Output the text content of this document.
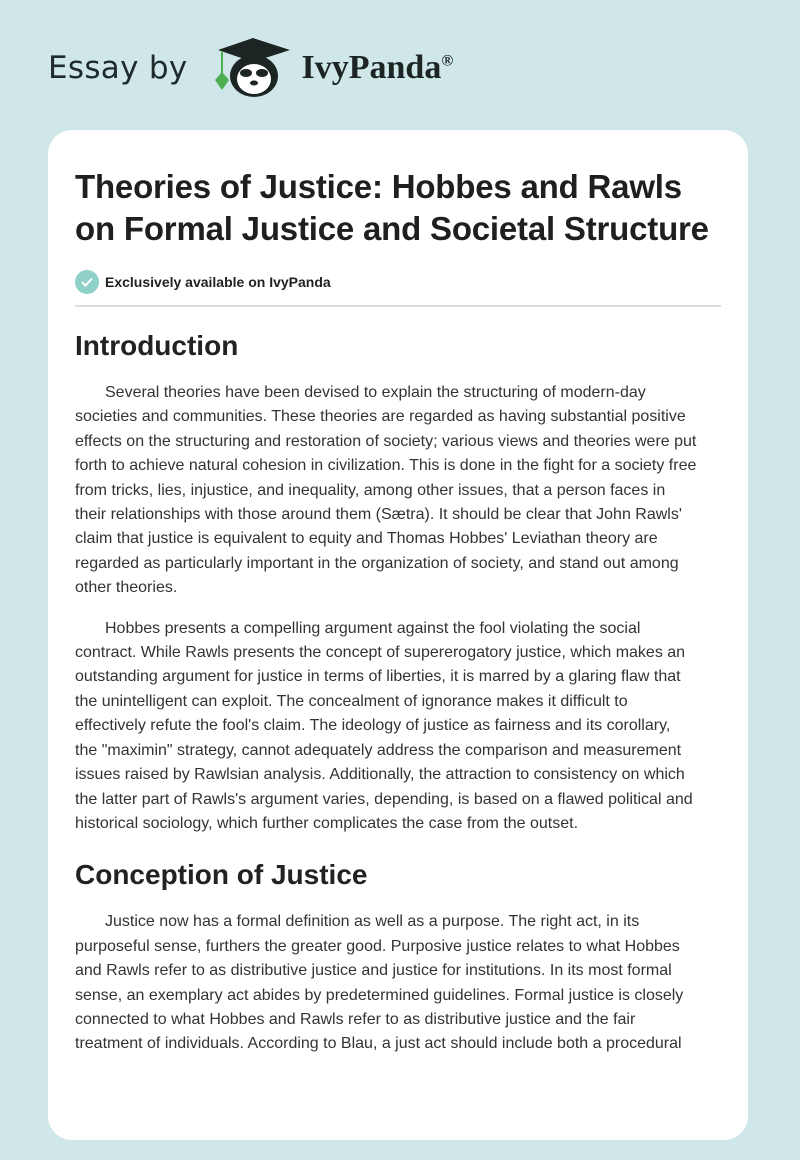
Essay by	IvyPanda®
Theories of Justice: Hobbes and Rawls
on Formal Justice and Societal Structure
Exclusively available on IvyPanda
Introduction

Several theories have been devised to explain the structuring of modern-day
societies and communities. These theories are regarded as having substantial positive
effects on the structuring and restoration of society; various views and theories were put
forth to achieve natural cohesion in civilization. This is done in the fight for a society free
from tricks, lies, injustice, and inequality, among other issues, that a person faces in
their relationships with those around them (Sætra). It should be clear that John Rawls'
claim that justice is equivalent to equity and Thomas Hobbes' Leviathan theory are
regarded as particularly important in the organization of society, and stand out among
other theories.

Hobbes presents a compelling argument against the fool violating the social
contract. While Rawls presents the concept of supererogatory justice, which makes an
outstanding argument for justice in terms of liberties, it is marred by a glaring flaw that
the unintelligent can exploit. The concealment of ignorance makes it difficult to
effectively refute the fool's claim. The ideology of justice as fairness and its corollary,
the "maximin" strategy, cannot adequately address the comparison and measurement
issues raised by Rawlsian analysis. Additionally, the attraction to consistency on which
the latter part of Rawls's argument varies, depending, is based on a flawed political and
historical sociology, which further complicates the case from the outset.

Conception of Justice

Justice now has a formal definition as well as a purpose. The right act, in its
purposeful sense, furthers the greater good. Purposive justice relates to what Hobbes
and Rawls refer to as distributive justice and justice for institutions. In its most formal
sense, an exemplary act abides by predetermined guidelines. Formal justice is closely
connected to what Hobbes and Rawls refer to as distributive justice and the fair
treatment of individuals. According to Blau, a just act should include both a procedural
